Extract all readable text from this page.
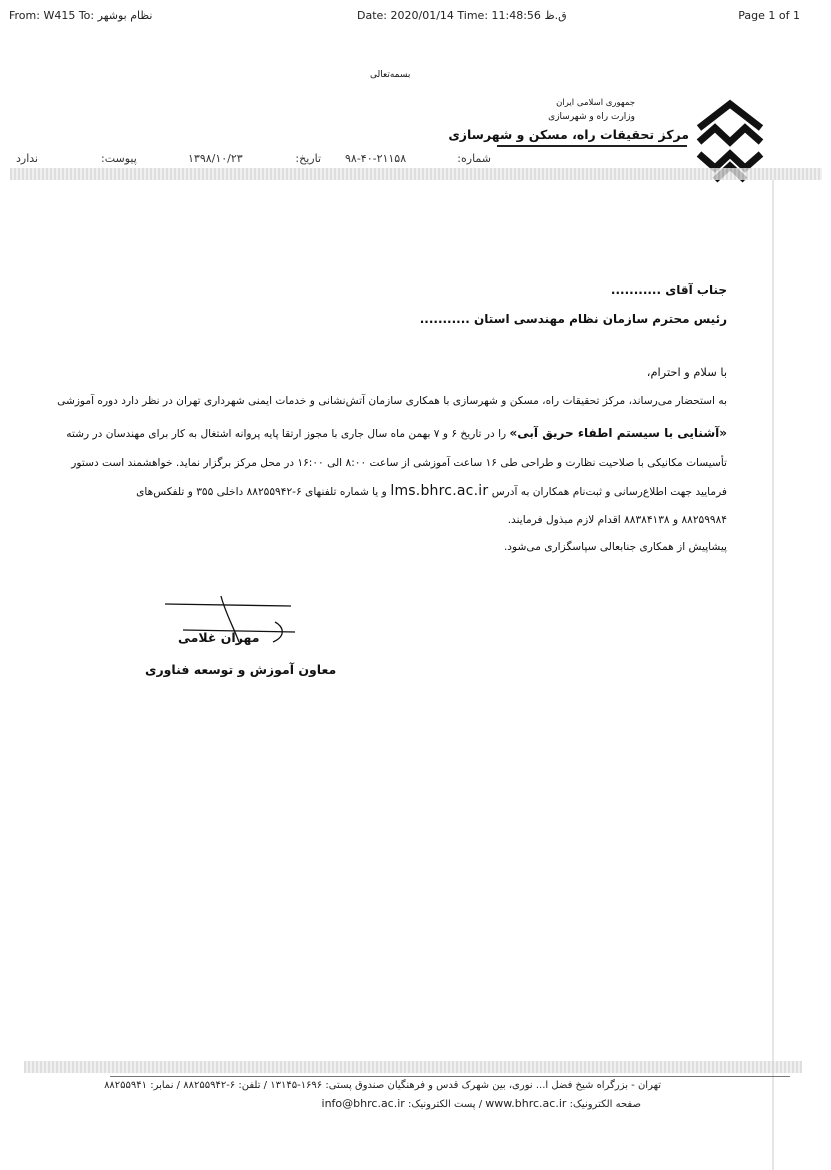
From: W415 To: نظام بوشهر	Date: 2020/01/14 Time: 11:48:56 ق.ظ	Page 1 of 1
بسمه‌تعالی
جمهوری اسلامی ایران
وزارت راه و شهرسازی
مرکز تحقیقات راه، مسکن و شهرسازی
شماره:
۹۸-۴۰-۲۱۱۵۸
تاریخ:
۱۳۹۸/۱۰/۲۳
پیوست:
ندارد
جناب آقای ...........
رئیس محترم سازمان نظام مهندسی استان ...........
با سلام و احترام،
به استحضار می‌رساند، مرکز تحقیقات راه، مسکن و شهرسازی با همکاری سازمان آتش‌نشانی و خدمات ایمنی شهرداری تهران در نظر دارد دوره آموزشی
«آشنایی با سیستم اطفاء حریق آبی» را در تاریخ ۶ و ۷ بهمن ماه سال جاری با مجوز ارتقا پایه پروانه اشتغال به کار برای مهندسان در رشته
تأسیسات مکانیکی با صلاحیت نظارت و طراحی طی ۱۶ ساعت آموزشی از ساعت ۸:۰۰ الی ۱۶:۰۰ در محل مرکز برگزار نماید. خواهشمند است دستور
فرمایید جهت اطلاع‌رسانی و ثبت‌نام همکاران به آدرس lms.bhrc.ac.ir و یا شماره تلفنهای ۶-۸۸۲۵۵۹۴۲ داخلی ۳۵۵ و تلفکس‌های
۸۸۲۵۹۹۸۴ و ۸۸۳۸۴۱۳۸ اقدام لازم مبذول فرمایند.
پیشاپیش از همکاری جنابعالی سپاسگزاری می‌شود.
مهران غلامی
معاون آموزش و توسعه فناوری
تهران - بزرگراه شیخ فضل ا... نوری، بین شهرک قدس و فرهنگیان صندوق پستی: ۱۶۹۶-۱۳۱۴۵ / تلفن: ۶-۸۸۲۵۵۹۴۲ / نمابر: ۸۸۲۵۵۹۴۱
صفحه الکترونیک: www.bhrc.ac.ir / پست الکترونیک: info@bhrc.ac.ir
